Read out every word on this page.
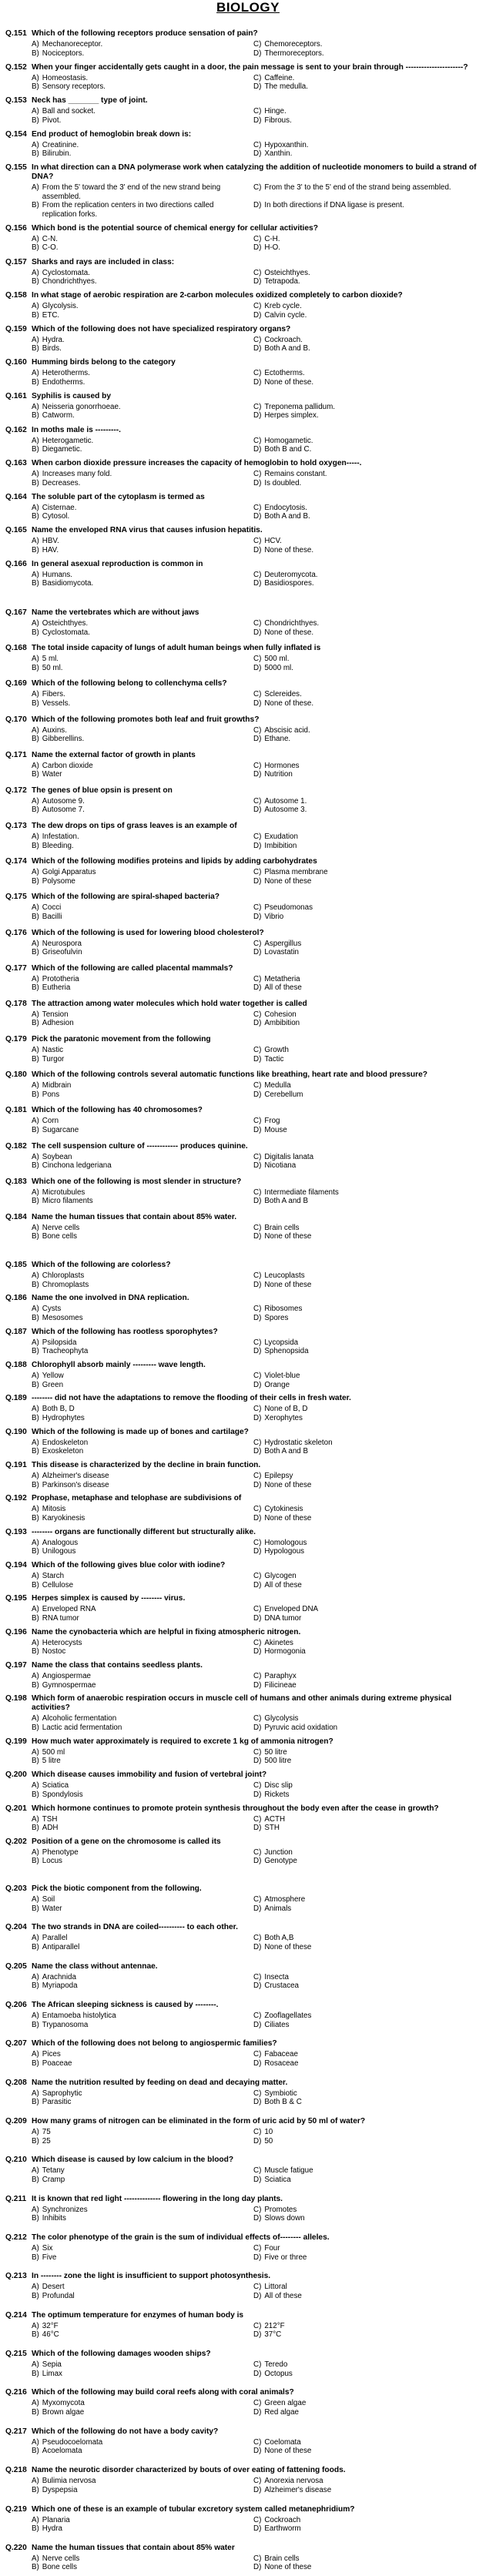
BIOLOGY
Q.151 Which of the following receptors produce sensation of pain?
A) Mechanoreceptor.
B) Nociceptors.
C) Chemoreceptors.
D) Thermoreceptors.
Q.152 When your finger accidentally gets caught in a door, the pain message is sent to your brain through ----------------------?
A) Homeostasis.
B) Sensory receptors.
C) Caffeine.
D) The medulla.
Q.153 Neck has _______ type of joint.
A) Ball and socket.
B) Pivot.
C) Hinge.
D) Fibrous.
Q.154 End product of hemoglobin break down is:
A) Creatinine.
B) Bilirubin.
C) Hypoxanthin.
D) Xanthin.
Q.155 In what direction can a DNA polymerase work when catalyzing the addition of nucleotide monomers to build a strand of DNA?
A) From the 5' toward the 3' end of the new strand being assembled.
B) From the replication centers in two directions called replication forks.
C) From the 3' to the 5' end of the strand being assembled.
D) In both directions if DNA ligase is present.
Q.156 Which bond is the potential source of chemical energy for cellular activities?
A) C-N.
B) C-O.
C) C-H.
D) H-O.
Q.157 Sharks and rays are included in class:
A) Cyclostomata.
B) Chondrichthyes.
C) Osteichthyes.
D) Tetrapoda.
Q.158 In what stage of aerobic respiration are 2-carbon molecules oxidized completely to carbon dioxide?
A) Glycolysis.
B) ETC.
C) Kreb cycle.
D) Calvin cycle.
Q.159 Which of the following does not have specialized respiratory organs?
A) Hydra.
B) Birds.
C) Cockroach.
D) Both A and B.
Q.160 Humming birds belong to the category
A) Heterotherms.
B) Endotherms.
C) Ectotherms.
D) None of these.
Q.161 Syphilis is caused by
A) Neisseria gonorrhoeae.
B) Catworm.
C) Treponema pallidum.
D) Herpes simplex.
Q.162 In moths male is ---------.
A) Heterogametic.
B) Diegametic.
C) Homogametic.
D) Both B and C.
Q.163 When carbon dioxide pressure increases the capacity of hemoglobin to hold oxygen-----.
A) Increases many fold.
B) Decreases.
C) Remains constant.
D) Is doubled.
Q.164 The soluble part of the cytoplasm is termed as
A) Cisternae.
B) Cytosol.
C) Endocytosis.
D) Both A and B.
Q.165 Name the enveloped RNA virus that causes infusion hepatitis.
A) HBV.
B) HAV.
C) HCV.
D) None of these.
Q.166 In general asexual reproduction is common in
A) Humans.
B) Basidiomycota.
C) Deuteromycota.
D) Basidiospores.
Q.167 Name the vertebrates which are without jaws
A) Osteichthyes.
B) Cyclostomata.
C) Chondrichthyes.
D) None of these.
Q.168 The total inside capacity of lungs of adult human beings when fully inflated is
A) 5 ml.
B) 50 ml.
C) 500 ml.
D) 5000 ml.
Q.169 Which of the following belong to collenchyma cells?
A) Fibers.
B) Vessels.
C) Sclereides.
D) None of these.
Q.170 Which of the following promotes both leaf and fruit growths?
A) Auxins.
B) Gibberellins.
C) Abscisic acid.
D) Ethane.
Q.171 Name the external factor of growth in plants
A) Carbon dioxide
B) Water
C) Hormones
D) Nutrition
Q.172 The genes of blue opsin is present on
A) Autosome 9.
B) Autosome 7.
C) Autosome 1.
D) Autosome 3.
Q.173 The dew drops on tips of grass leaves is an example of
A) Infestation.
B) Bleeding.
C) Exudation
D) Imbibition
Q.174 Which of the following modifies proteins and lipids by adding carbohydrates
A) Golgi Apparatus
B) Polysome
C) Plasma membrane
D) None of these
Q.175 Which of the following are spiral-shaped bacteria?
A) Cocci
B) Bacilli
C) Pseudomonas
D) Vibrio
Q.176 Which of the following is used for lowering blood cholesterol?
A) Neurospora
B) Griseofulvin
C) Aspergillus
D) Lovastatin
Q.177 Which of the following are called placental mammals?
A) Prototheria
B) Eutheria
C) Metatheria
D) All of these
Q.178 The attraction among water molecules which hold water together is called
A) Tension
B) Adhesion
C) Cohesion
D) Ambibition
Q.179 Pick the paratonic movement from the following
A) Nastic
B) Turgor
C) Growth
D) Tactic
Q.180 Which of the following controls several automatic functions like breathing, heart rate and blood pressure?
A) Midbrain
B) Pons
C) Medulla
D) Cerebellum
Q.181 Which of the following has 40 chromosomes?
A) Corn
B) Sugarcane
C) Frog
D) Mouse
Q.182 The cell suspension culture of ------------ produces quinine.
A) Soybean
B) Cinchona ledgeriana
C) Digitalis lanata
D) Nicotiana
Q.183 Which one of the following is most slender in structure?
A) Microtubules
B) Micro filaments
C) Intermediate filaments
D) Both A and B
Q.184 Name the human tissues that contain about 85% water.
A) Nerve cells
B) Bone cells
C) Brain cells
D) None of these
Q.185 Which of the following are colorless?
A) Chloroplasts
B) Chromoplasts
C) Leucoplasts
D) None of these
Q.186 Name the one involved in DNA replication.
A) Cysts
B) Mesosomes
C) Ribosomes
D) Spores
Q.187 Which of the following has rootless sporophytes?
A) Psilopsida
B) Tracheophyta
C) Lycopsida
D) Sphenopsida
Q.188 Chlorophyll absorb mainly --------- wave length.
A) Yellow
B) Green
C) Violet-blue
D) Orange
Q.189 -------- did not have the adaptations to remove the flooding of their cells in fresh water.
A) Both B, D
B) Hydrophytes
C) None of B, D
D) Xerophytes
Q.190 Which of the following is made up of bones and cartilage?
A) Endoskeleton
B) Exoskeleton
C) Hydrostatic skeleton
D) Both A and B
Q.191 This disease is characterized by the decline in brain function.
A) Alzheimer's disease
B) Parkinson's disease
C) Epilepsy
D) None of these
Q.192 Prophase, metaphase and telophase are subdivisions of
A) Mitosis
B) Karyokinesis
C) Cytokinesis
D) None of these
Q.193 -------- organs are functionally different but structurally alike.
A) Analogous
B) Unilogous
C) Homologous
D) Hypologous
Q.194 Which of the following gives blue color with iodine?
A) Starch
B) Cellulose
C) Glycogen
D) All of these
Q.195 Herpes simplex is caused by -------- virus.
A) Enveloped RNA
B) RNA tumor
C) Enveloped DNA
D) DNA tumor
Q.196 Name the cynobacteria which are helpful in fixing atmospheric nitrogen.
A) Heterocysts
B) Nostoc
C) Akinetes
D) Hormogonia
Q.197 Name the class that contains seedless plants.
A) Angiospermae
B) Gymnospermae
C) Paraphyx
D) Filicineae
Q.198 Which form of anaerobic respiration occurs in muscle cell of humans and other animals during extreme physical activities?
A) Alcoholic fermentation
B) Lactic acid fermentation
C) Glycolysis
D) Pyruvic acid oxidation
Q.199 How much water approximately is required to excrete 1 kg of ammonia nitrogen?
A) 500 ml
B) 5 litre
C) 50 litre
D) 500 litre
Q.200 Which disease causes immobility and fusion of vertebral joint?
A) Sciatica
B) Spondylosis
C) Disc slip
D) Rickets
Q.201 Which hormone continues to promote protein synthesis throughout the body even after the cease in growth?
A) TSH
B) ADH
C) ACTH
D) STH
Q.202 Position of a gene on the chromosome is called its
A) Phenotype
B) Locus
C) Junction
D) Genotype
Q.203 Pick the biotic component from the following.
A) Soil
B) Water
C) Atmosphere
D) Animals
Q.204 The two strands in DNA are coiled---------- to each other.
A) Parallel
B) Antiparallel
C) Both A,B
D) None of these
Q.205 Name the class without antennae.
A) Arachnida
B) Myriapoda
C) Insecta
D) Crustacea
Q.206 The African sleeping sickness is caused by --------.
A) Entamoeba histolytica
B) Trypanosoma
C) Zooflagellates
D) Ciliates
Q.207 Which of the following does not belong to angiospermic families?
A) Pices
B) Poaceae
C) Fabaceae
D) Rosaceae
Q.208 Name the nutrition resulted by feeding on dead and decaying matter.
A) Saprophytic
B) Parasitic
C) Symbiotic
D) Both B & C
Q.209 How many grams of nitrogen can be eliminated in the form of uric acid by 50 ml of water?
A) 75
B) 25
C) 10
D) 50
Q.210 Which disease is caused by low calcium in the blood?
A) Tetany
B) Cramp
C) Muscle fatigue
D) Sciatica
Q.211 It is known that red light -------------- flowering in the long day plants.
A) Synchronizes
B) Inhibits
C) Promotes
D) Slows down
Q.212 The color phenotype of the grain is the sum of individual effects of-------- alleles.
A) Six
B) Five
C) Four
D) Five or three
Q.213 In -------- zone the light is insufficient to support photosynthesis.
A) Desert
B) Profundal
C) Littoral
D) All of these
Q.214 The optimum temperature for enzymes of human body is
A) 32°F
B) 46°C
C) 212°F
D) 37°C
Q.215 Which of the following damages wooden ships?
A) Sepia
B) Limax
C) Teredo
D) Octopus
Q.216 Which of the following may build coral reefs along with coral animals?
A) Myxomycota
B) Brown algae
C) Green algae
D) Red algae
Q.217 Which of the following do not have a body cavity?
A) Pseudocoelomata
B) Acoelomata
C) Coelomata
D) None of these
Q.218 Name the neurotic disorder characterized by bouts of over eating of fattening foods.
A) Bulimia nervosa
B) Dyspepsia
C) Anorexia nervosa
D) Alzheimer's disease
Q.219 Which one of these is an example of tubular excretory system called metanephridium?
A) Planaria
B) Hydra
C) Cockroach
D) Earthworm
Q.220 Name the human tissues that contain about 85% water
A) Nerve cells
B) Bone cells
C) Brain cells
D) None of these
